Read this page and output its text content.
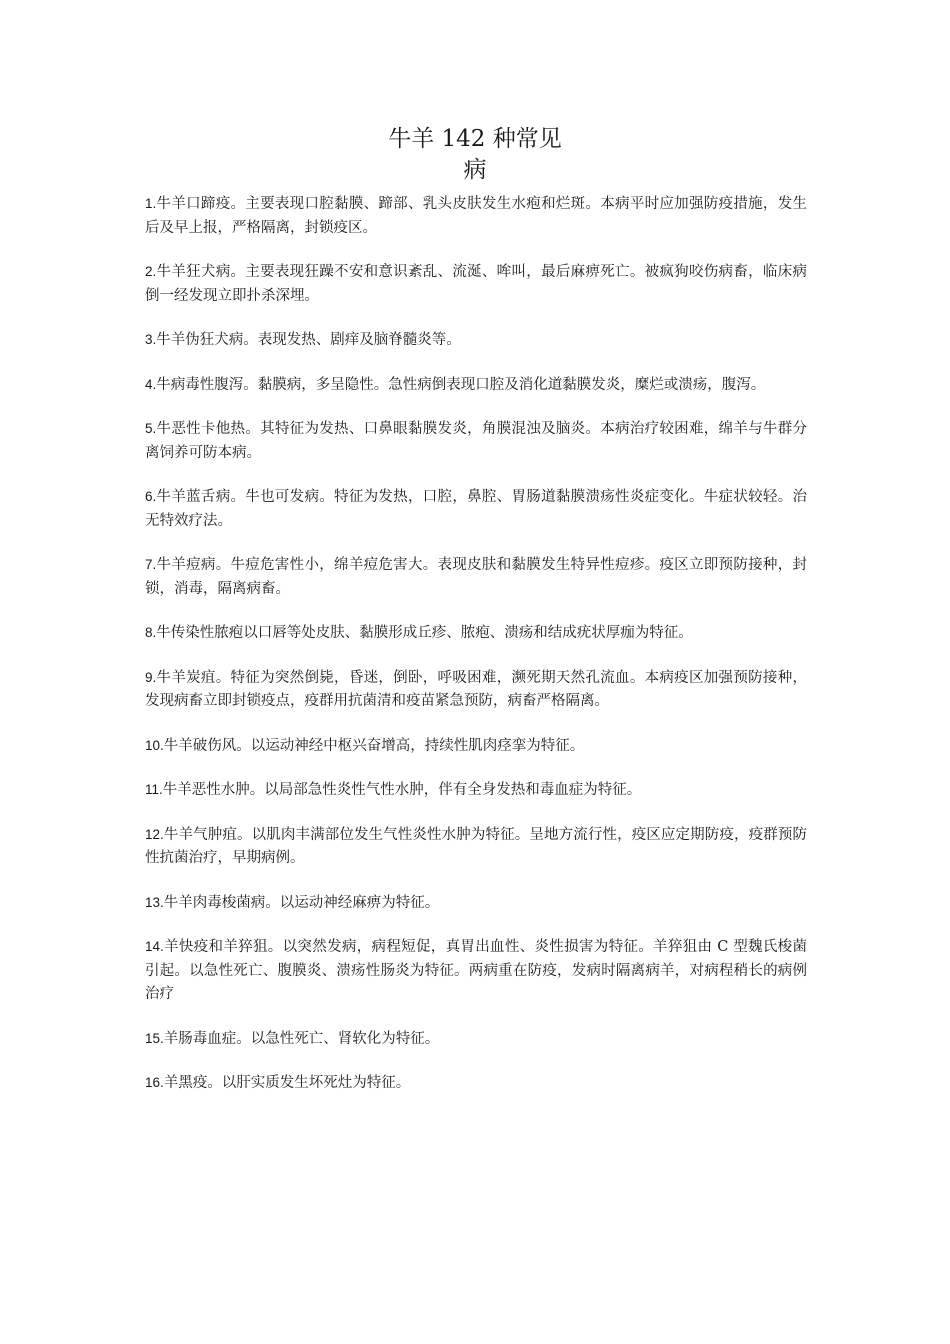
牛羊 142 种常见
病

1.牛羊口蹄疫。主要表现口腔黏膜、蹄部、乳头皮肤发生水疱和烂斑。本病平时应加强防疫措施，发生后及早上报，严格隔离，封锁疫区。

2.牛羊狂犬病。主要表现狂躁不安和意识紊乱、流涎、哞叫，最后麻痹死亡。被疯狗咬伤病畜，临床病倒一经发现立即扑杀深埋。

3.牛羊伪狂犬病。表现发热、剧痒及脑脊髓炎等。

4.牛病毒性腹泻。黏膜病，多呈隐性。急性病倒表现口腔及消化道黏膜发炎，糜烂或溃疡，腹泻。

5.牛恶性卡他热。其特征为发热、口鼻眼黏膜发炎，角膜混浊及脑炎。本病治疗较困难，绵羊与牛群分离饲养可防本病。

6.牛羊蓝舌病。牛也可发病。特征为发热，口腔，鼻腔、胃肠道黏膜溃疡性炎症变化。牛症状较轻。治无特效疗法。

7.牛羊痘病。牛痘危害性小，绵羊痘危害大。表现皮肤和黏膜发生特异性痘疹。疫区立即预防接种，封锁，消毒，隔离病畜。

8.牛传染性脓疱以口唇等处皮肤、黏膜形成丘疹、脓疱、溃疡和结成疣状厚痂为特征。

9.牛羊炭疽。特征为突然倒毙，昏迷，倒卧，呼吸困难，濒死期天然孔流血。本病疫区加强预防接种，发现病畜立即封锁疫点，疫群用抗菌清和疫苗紧急预防，病畜严格隔离。

10.牛羊破伤风。以运动神经中枢兴奋增高，持续性肌肉痉挛为特征。

11.牛羊恶性水肿。以局部急性炎性气性水肿，伴有全身发热和毒血症为特征。

12.牛羊气肿疽。以肌肉丰满部位发生气性炎性水肿为特征。呈地方流行性，疫区应定期防疫，疫群预防性抗菌治疗，早期病例。

13.牛羊肉毒梭菌病。以运动神经麻痹为特征。

14.羊快疫和羊猝狙。以突然发病，病程短促，真胃出血性、炎性损害为特征。羊猝狙由 C 型魏氏梭菌引起。以急性死亡、腹膜炎、溃疡性肠炎为特征。两病重在防疫，发病时隔离病羊，对病程稍长的病例治疗

15.羊肠毒血症。以急性死亡、肾软化为特征。

16.羊黑疫。以肝实质发生坏死灶为特征。
